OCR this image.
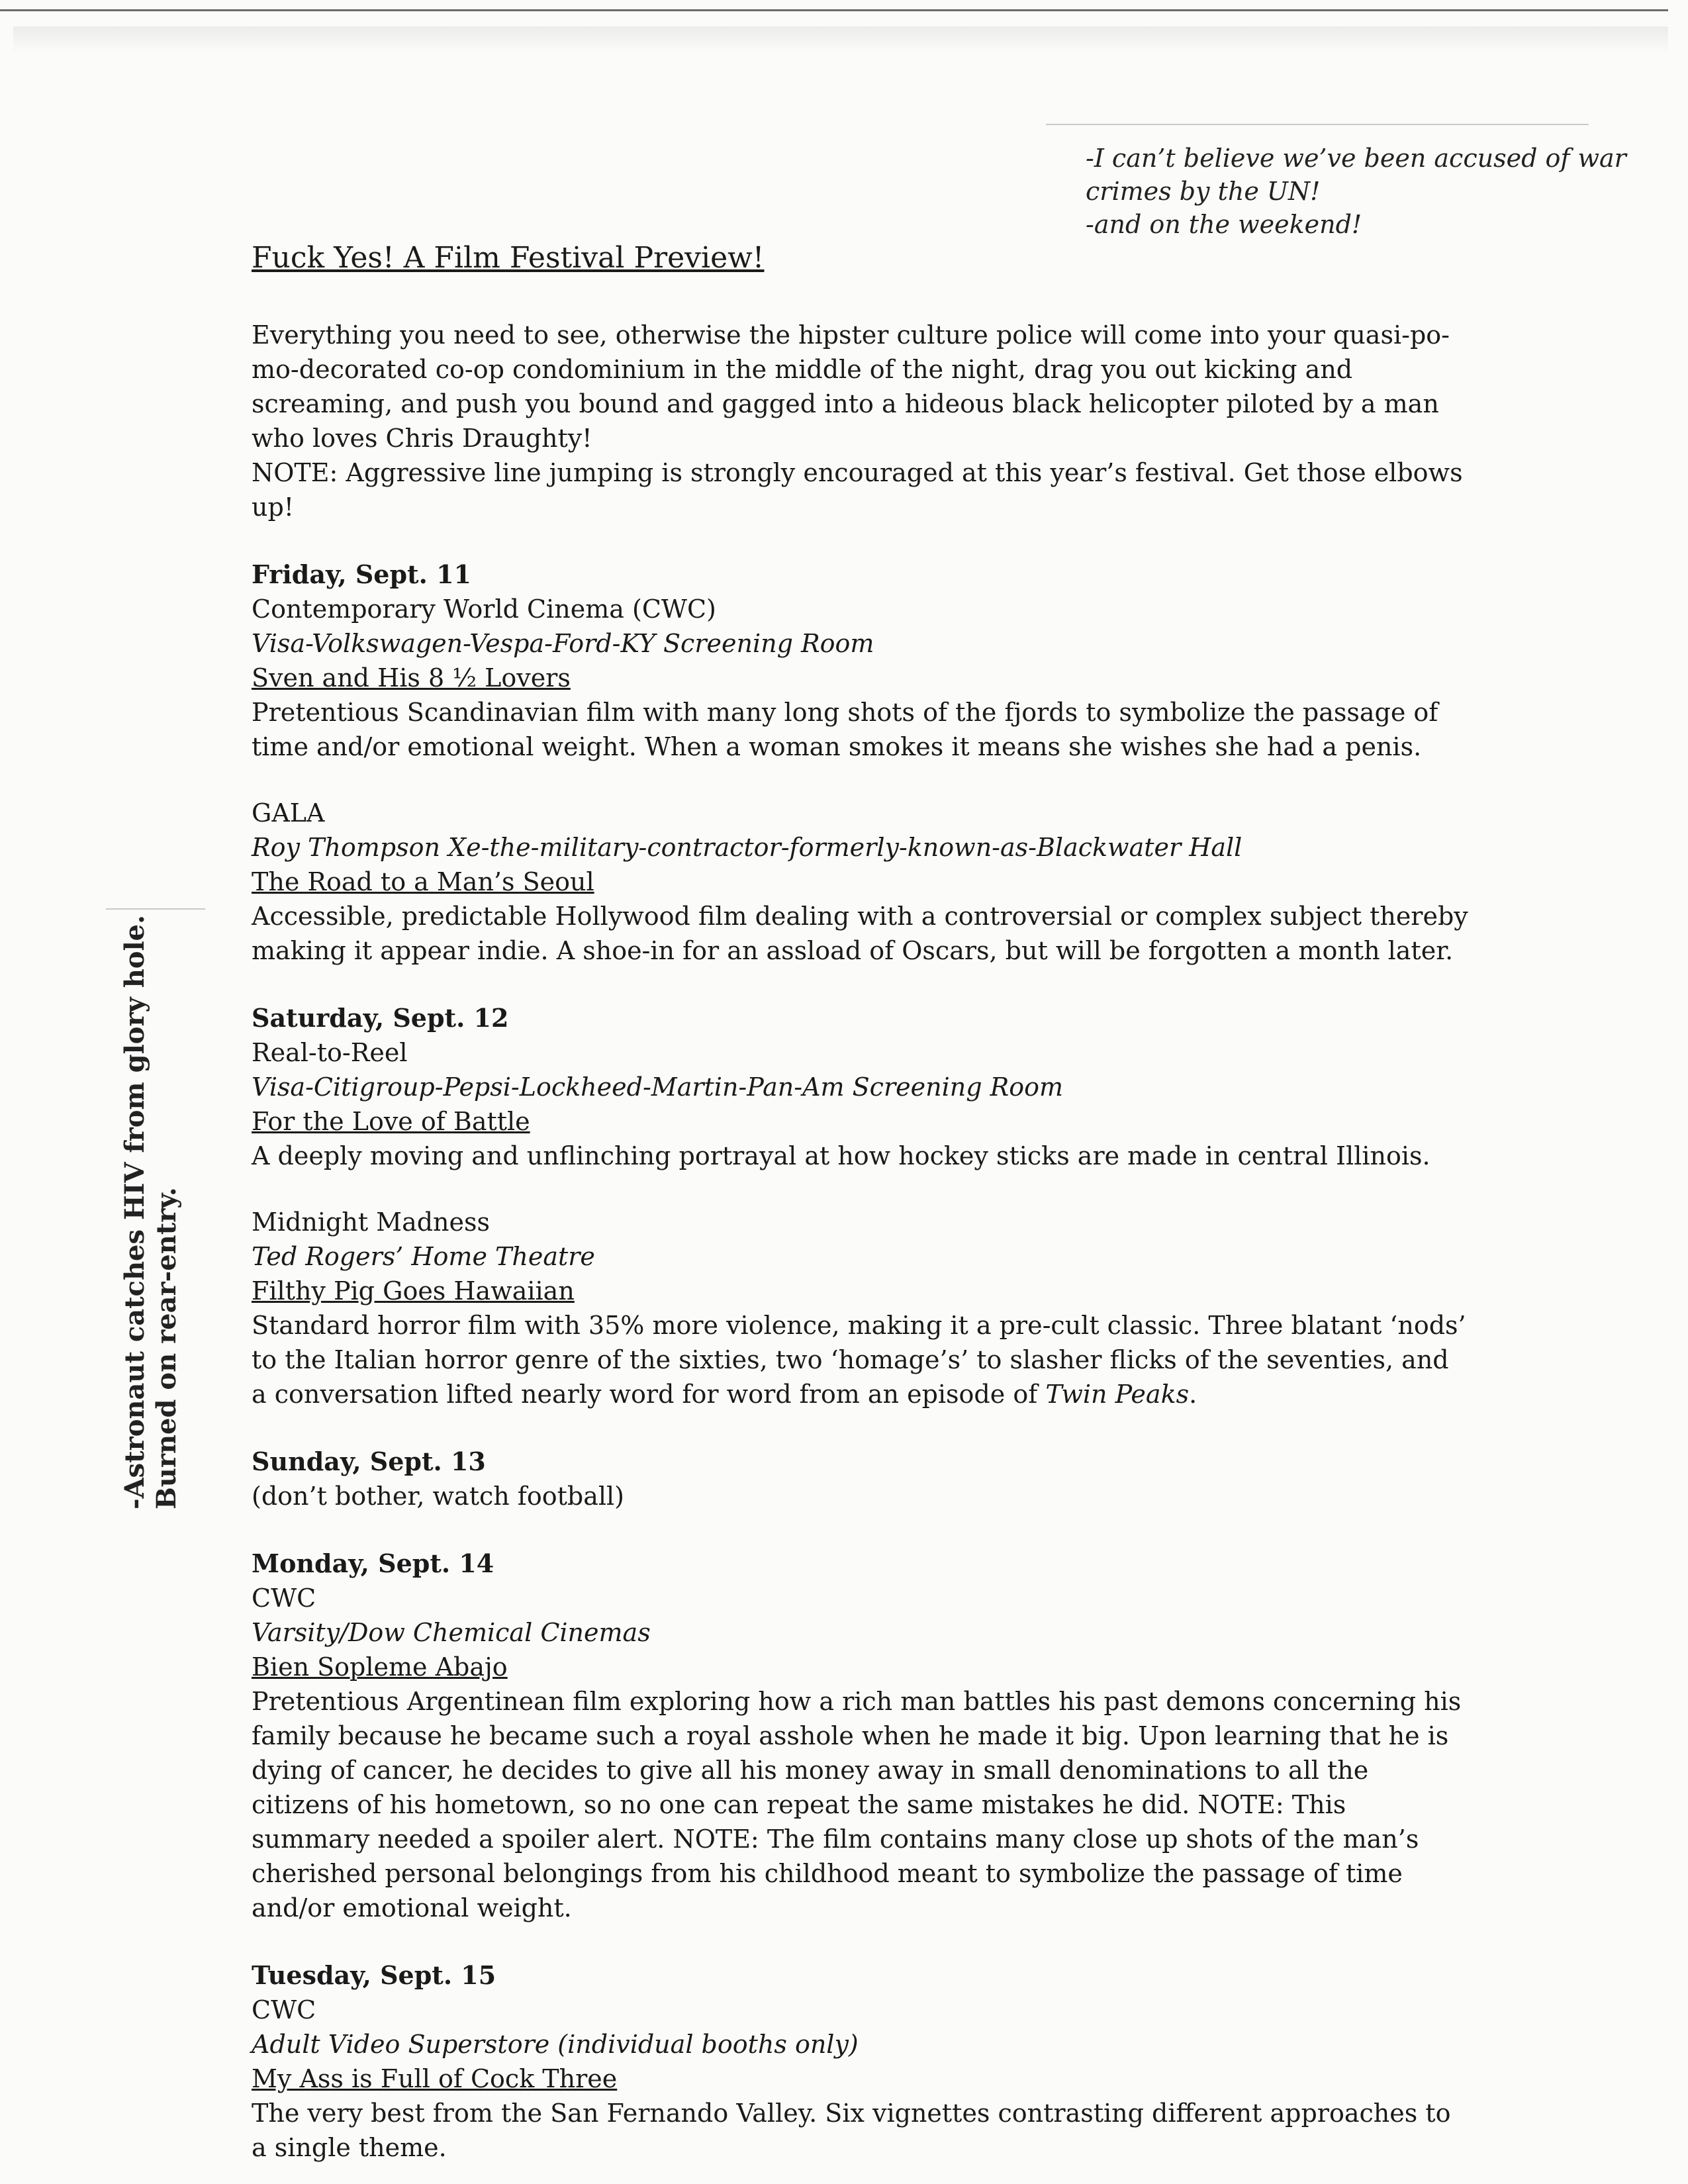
-I can’t believe we’ve been accused of war
crimes by the UN!
-and on the weekend!
-Astronaut catches HIV from glory hole. Burned on rear-entry.
Fuck Yes! A Film Festival Preview!

Everything you need to see, otherwise the hipster culture police will come into your quasi-po-mo-decorated co-op condominium in the middle of the night, drag you out kicking and screaming, and push you bound and gagged into a hideous black helicopter piloted by a man who loves Chris Draughty!

NOTE: Aggressive line jumping is strongly encouraged at this year’s festival. Get those elbows up!

Friday, Sept. 11

Contemporary World Cinema (CWC)

Visa-Volkswagen-Vespa-Ford-KY Screening Room

Sven and His 8 ½ Lovers

Pretentious Scandinavian film with many long shots of the fjords to symbolize the passage of time and/or emotional weight. When a woman smokes it means she wishes she had a penis.

GALA

Roy Thompson Xe-the-military-contractor-formerly-known-as-Blackwater Hall

The Road to a Man’s Seoul

Accessible, predictable Hollywood film dealing with a controversial or complex subject thereby making it appear indie. A shoe-in for an assload of Oscars, but will be forgotten a month later.

Saturday, Sept. 12

Real-to-Reel

Visa-Citigroup-Pepsi-Lockheed-Martin-Pan-Am Screening Room

For the Love of Battle

A deeply moving and unflinching portrayal at how hockey sticks are made in central Illinois.

Midnight Madness

Ted Rogers’ Home Theatre

Filthy Pig Goes Hawaiian

Standard horror film with 35% more violence, making it a pre-cult classic. Three blatant ‘nods’ to the Italian horror genre of the sixties, two ‘homage’s’ to slasher flicks of the seventies, and a conversation lifted nearly word for word from an episode of Twin Peaks.

Sunday, Sept. 13

(don’t bother, watch football)

Monday, Sept. 14

CWC

Varsity/Dow Chemical Cinemas

Bien Sopleme Abajo

Pretentious Argentinean film exploring how a rich man battles his past demons concerning his family because he became such a royal asshole when he made it big. Upon learning that he is dying of cancer, he decides to give all his money away in small denominations to all the citizens of his hometown, so no one can repeat the same mistakes he did. NOTE: This summary needed a spoiler alert. NOTE: The film contains many close up shots of the man’s cherished personal belongings from his childhood meant to symbolize the passage of time and/or emotional weight.

Tuesday, Sept. 15

CWC

Adult Video Superstore (individual booths only)

My Ass is Full of Cock Three

The very best from the San Fernando Valley. Six vignettes contrasting different approaches to a single theme.
